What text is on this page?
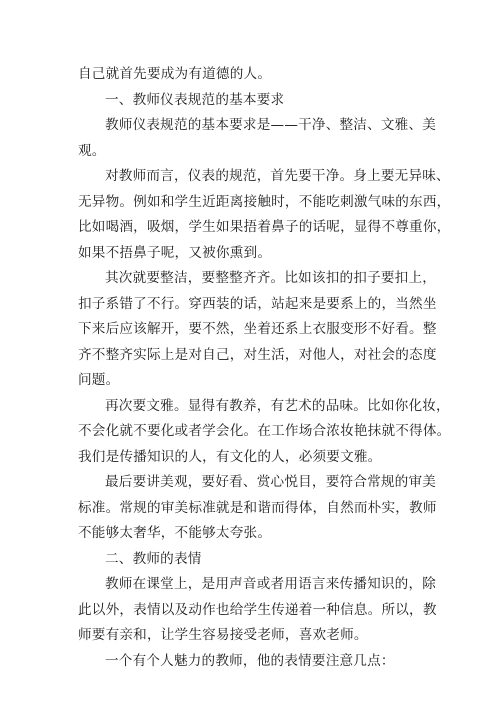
自己就首先要成为有道德的人。
一、教师仪表规范的基本要求
教师仪表规范的基本要求是——干净、整洁、文雅、美
观。
对教师而言，仪表的规范，首先要干净。身上要无异味、
无异物。例如和学生近距离接触时，不能吃刺激气味的东西，
比如喝酒，吸烟，学生如果捂着鼻子的话呢，显得不尊重你，
如果不捂鼻子呢，又被你熏到。
其次就要整洁，要整整齐齐。比如该扣的扣子要扣上，
扣子系错了不行。穿西装的话，站起来是要系上的，当然坐
下来后应该解开，要不然，坐着还系上衣服变形不好看。整
齐不整齐实际上是对自己，对生活，对他人，对社会的态度
问题。
再次要文雅。显得有教养，有艺术的品味。比如你化妆，
不会化就不要化或者学会化。在工作场合浓妆艳抹就不得体。
我们是传播知识的人，有文化的人，必须要文雅。
最后要讲美观，要好看、赏心悦目，要符合常规的审美
标准。常规的审美标准就是和谐而得体，自然而朴实，教师
不能够太奢华，不能够太夸张。
二、教师的表情
教师在课堂上，是用声音或者用语言来传播知识的，除
此以外，表情以及动作也给学生传递着一种信息。所以，教
师要有亲和，让学生容易接受老师，喜欢老师。
一个有个人魅力的教师，他的表情要注意几点：
